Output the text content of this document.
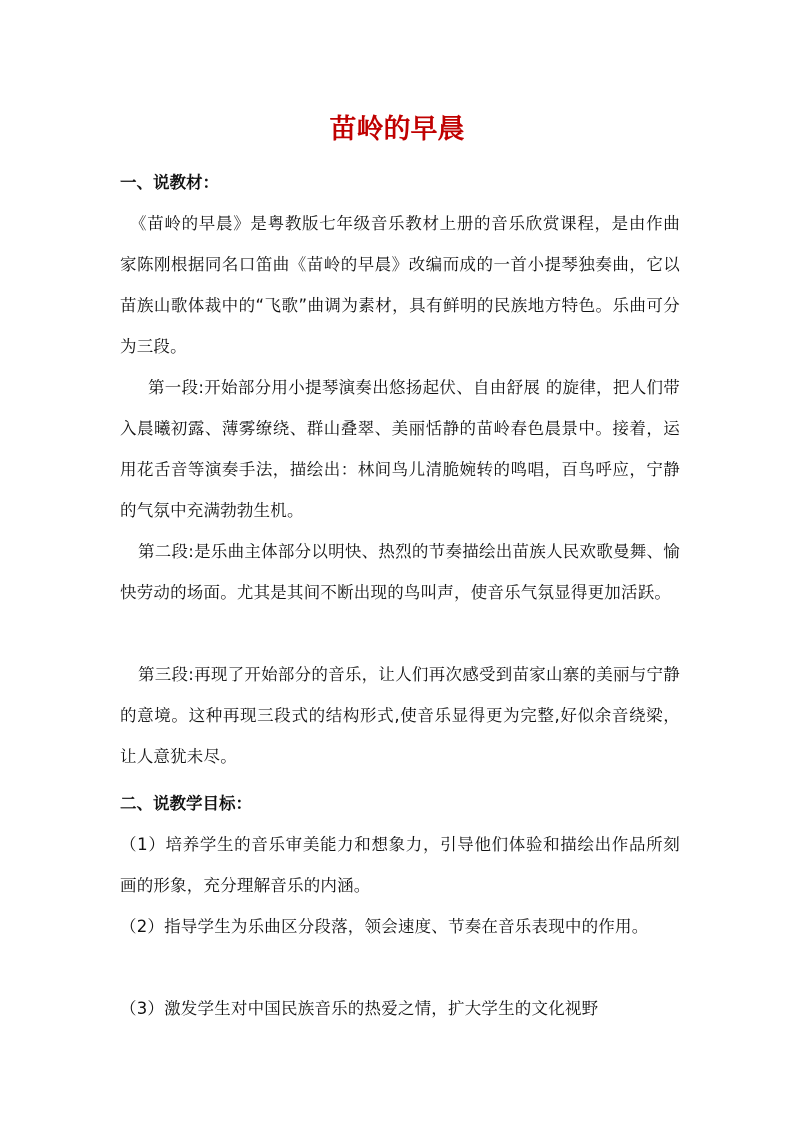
苗岭的早晨

一、说教材：

《苗岭的早晨》是粤教版七年级音乐教材上册的音乐欣赏课程，是由作曲家陈刚根据同名口笛曲《苗岭的早晨》改编而成的一首小提琴独奏曲，它以苗族山歌体裁中的“飞歌”曲调为素材，具有鲜明的民族地方特色。乐曲可分为三段。

第一段:开始部分用小提琴演奏出悠扬起伏、自由舒展 的旋律，把人们带入晨曦初露、薄雾缭绕、群山叠翠、美丽恬静的苗岭春色晨景中。接着，运用花舌音等演奏手法，描绘出：林间鸟儿清脆婉转的鸣唱，百鸟呼应，宁静的气氛中充满勃勃生机。

第二段:是乐曲主体部分以明快、热烈的节奏描绘出苗族人民欢歌曼舞、愉快劳动的场面。尤其是其间不断出现的鸟叫声，使音乐气氛显得更加活跃。

第三段:再现了开始部分的音乐，让人们再次感受到苗家山寨的美丽与宁静的意境。这种再现三段式的结构形式,使音乐显得更为完整,好似余音绕梁，让人意犹未尽。

二、说教学目标：

（1）培养学生的音乐审美能力和想象力，引导他们体验和描绘出作品所刻画的形象，充分理解音乐的内涵。

（2）指导学生为乐曲区分段落，领会速度、节奏在音乐表现中的作用。

（3）激发学生对中国民族音乐的热爱之情，扩大学生的文化视野
